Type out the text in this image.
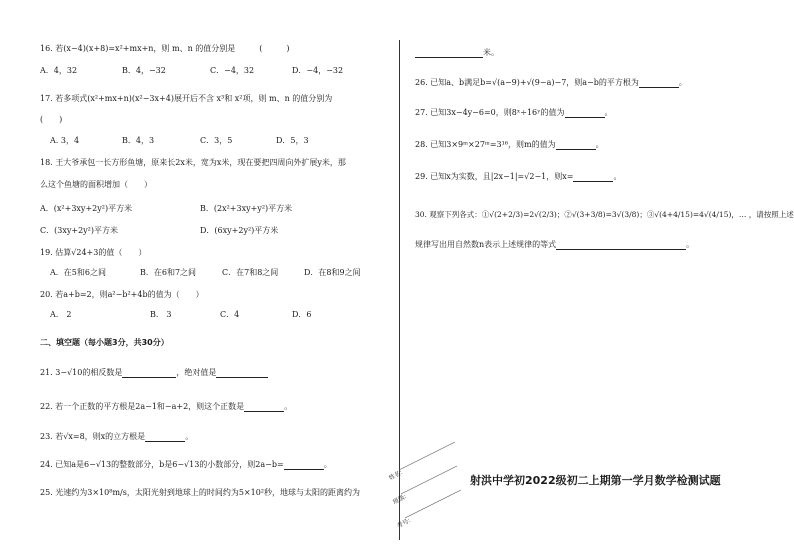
16. 若(x−4)(x+8)=x²+mx+n，则 m、n 的值分别是　　　(　　　)
A．4，32	B．4，−32	C．−4，32	D．−4，−32
17. 若多项式(x²+mx+n)(x²−3x+4)展开后不含 x³和 x²项，则 m、n 的值分别为
(　　)
A. 3，4	B．4，3	C．3，5	D．5，3
18. 王大爷承包一长方形鱼塘，原来长2x米，宽为x米，现在要把四周向外扩展y米，那
么这个鱼塘的面积增加（　　）
A．(x²+3xy+2y²)平方米	B．(2x²+3xy+y²)平方米
C．(3xy+2y²)平方米	D．(6xy+2y²)平方米
19. 估算√24+3的值（　　）
A．在5和6之间	B．在6和7之间	C．在7和8之间	D．在8和9之间
20. 若a+b=2，则a²−b²+4b的值为（　　）
A.　2	B.　3	C．4	D．6
二、填空题（每小题3分，共30分）
21. 3−√10的相反数是	，绝对值是
22. 若一个正数的平方根是2a−1和−a+2，则这个正数是	。
23. 若√x=8，则x的立方根是	。
24. 已知a是6−√13的整数部分，b是6−√13的小数部分，则2a−b=	。
25. 光速约为3×10⁸m/s，太阳光射到地球上的时间约为5×10²秒，地球与太阳的距离约为
米。
26. 已知a、b满足b=√(a−9)+√(9−a)−7，则a−b的平方根为	。
27. 已知3x−4y−6=0，则8ˣ÷16ʸ的值为	。
28. 已知3×9ᵐ×27ᵐ=3¹⁶，则m的值为	。
29. 已知x为实数，且|2x−1|=√2−1，则x=	。
30. 观察下列各式：①√(2+2/3)=2√(2/3)；②√(3+3/8)=3√(3/8)；③√(4+4/15)=4√(4/15)，… ，请按照上述
规律写出用自然数n表示上述规律的等式	。
姓名：
班级：
考号：
射洪中学初2022级初二上期第一学月数学检测试题
